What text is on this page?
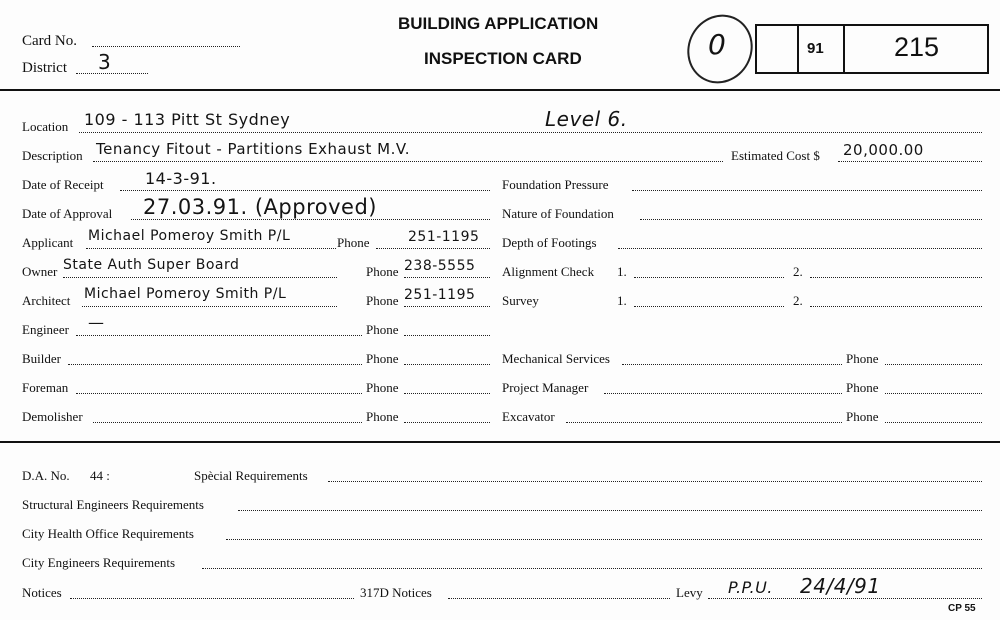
Card No.
District 3
BUILDING APPLICATION
INSPECTION CARD	0	91	215
Location 109 - 113 Pitt St Sydney	Level 6.
Description Tenancy Fitout - Partitions Exhaust M.V.	Estimated Cost $ 20,000.00
Date of Receipt	14-3-91.	Foundation Pressure
Date of Approval 27.03.91. (Approved)	Nature of Foundation
Applicant Michael Pomeroy Smith P/L	Phone	251-1195 Depth of Footings
Owner State Auth Super Board	Phone 238-5555 Alignment Check 1.	2.
Architect Michael Pomeroy Smith P/L	Phone 251-1195 Survey	1.	2.
Engineer —	Phone
Builder	Phone	Mechanical Services	Phone
Foreman	Phone	Project Manager	Phone
Demolisher	Phone	Excavator	Phone
D.A. No. 44 :	Spècial Requirements
Structural Engineers Requirements
City Health Office Requirements
City Engineers Requirements
Notices	317D Notices	Levy P.P.U. 24/4/91
CP 55
